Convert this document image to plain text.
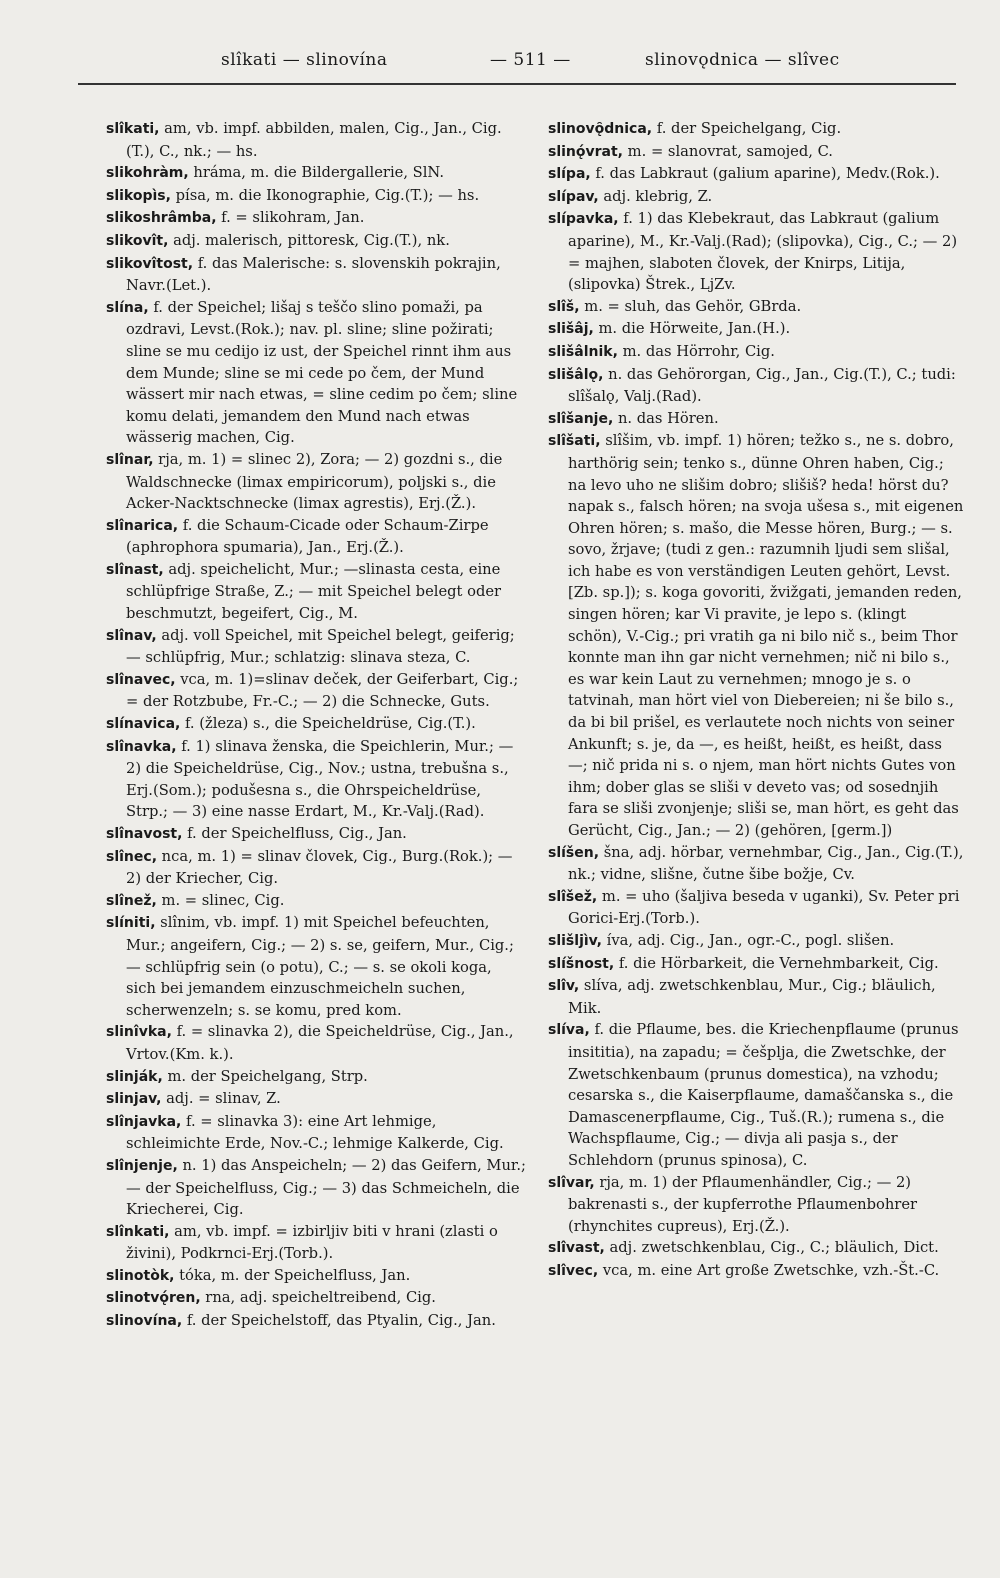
slîkati — slinovína	— 511 —	slinovǫdnica — slîvec

slîkati, am, vb. impf. abbilden, malen, Cig., Jan., Cig.(T.), C., nk.; — hs.

slikohràm, hráma, m. die Bildergallerie, SlN.

slikopìs, písa, m. die Ikonographie, Cig.(T.); — hs.

slikoshrâmba, f. = slikohram, Jan.

slikovît, adj. malerisch, pittoresk, Cig.(T.), nk.

slikovîtost, f. das Malerische: s. slovenskih pokrajin, Navr.(Let.).

slína, f. der Speichel; lišaj s teščo slino pomaži, pa ozdravi, Levst.(Rok.); nav. pl. sline; sline požirati; sline se mu cedijo iz ust, der Speichel rinnt ihm aus dem Munde; sline se mi cede po čem, der Mund wässert mir nach etwas, = sline cedim po čem; sline komu delati, jemandem den Mund nach etwas wässerig machen, Cig.

slînar, rja, m. 1) = slinec 2), Zora; — 2) gozdni s., die Waldschnecke (limax empiricorum), poljski s., die Acker-Nacktschnecke (limax agrestis), Erj.(Ž.).

slînarica, f. die Schaum-Cicade oder Schaum-Zirpe (aphrophora spumaria), Jan., Erj.(Ž.).

slînast, adj. speichelicht, Mur.; —slinasta cesta, eine schlüpfrige Straße, Z.; — mit Speichel belegt oder beschmutzt, begeifert, Cig., M.

slînav, adj. voll Speichel, mit Speichel belegt, geiferig; — schlüpfrig, Mur.; schlatzig: slinava steza, C.

slînavec, vca, m. 1)=slinav deček, der Geiferbart, Cig.; = der Rotzbube, Fr.-C.; — 2) die Schnecke, Guts.

slínavica, f. (žleza) s., die Speicheldrüse, Cig.(T.).

slînavka, f. 1) slinava ženska, die Speichlerin, Mur.; — 2) die Speicheldrüse, Cig., Nov.; ustna, trebušna s., Erj.(Som.); podušesna s., die Ohrspeicheldrüse, Strp.; — 3) eine nasse Erdart, M., Kr.-Valj.(Rad).

slînavost, f. der Speichelfluss, Cig., Jan.

slînec, nca, m. 1) = slinav človek, Cig., Burg.(Rok.); — 2) der Kriecher, Cig.

slînež, m. = slinec, Cig.

slíniti, slînim, vb. impf. 1) mit Speichel befeuchten, Mur.; angeifern, Cig.; — 2) s. se, geifern, Mur., Cig.; — schlüpfrig sein (o potu), C.; — s. se okoli koga, sich bei jemandem einzuschmeicheln suchen, scherwenzeln; s. se komu, pred kom.

slinîvka, f. = slinavka 2), die Speicheldrüse, Cig., Jan., Vrtov.(Km. k.).

slinják, m. der Speichelgang, Strp.

slinjav, adj. = slinav, Z.

slînjavka, f. = slinavka 3): eine Art lehmige, schleimichte Erde, Nov.-C.; lehmige Kalkerde, Cig.

slînjenje, n. 1) das Anspeicheln; — 2) das Geifern, Mur.; — der Speichelfluss, Cig.; — 3) das Schmeicheln, die Kriecherei, Cig.

slînkati, am, vb. impf. = izbirljiv biti v hrani (zlasti o živini), Podkrnci-Erj.(Torb.).

slinotòk, tóka, m. der Speichelfluss, Jan.

slinotvǫ́ren, rna, adj. speicheltreibend, Cig.

slinovína, f. der Speichelstoff, das Ptyalin, Cig., Jan.

slinovǫ̑dnica, f. der Speichelgang, Cig.

slinǫ́vrat, m. = slanovrat, samojed, C.

slípa, f. das Labkraut (galium aparine), Medv.(Rok.).

slípav, adj. klebrig, Z.

slípavka, f. 1) das Klebekraut, das Labkraut (galium aparine), M., Kr.-Valj.(Rad); (slipovka), Cig., C.; — 2) = majhen, slaboten človek, der Knirps, Litija, (slipovka) Štrek., LjZv.

slîš, m. = sluh, das Gehör, GBrda.

slišâj, m. die Hörweite, Jan.(H.).

slišâlnik, m. das Hörrohr, Cig.

slišâlǫ, n. das Gehörorgan, Cig., Jan., Cig.(T.), C.; tudi: slîšalǫ, Valj.(Rad).

slîšanje, n. das Hören.

slîšati, slîšim, vb. impf. 1) hören; težko s., ne s. dobro, harthörig sein; tenko s., dünne Ohren haben, Cig.; na levo uho ne slišim dobro; slišiš? heda! hörst du? napak s., falsch hören; na svoja ušesa s., mit eigenen Ohren hören; s. mašo, die Messe hören, Burg.; — s. sovo, žrjave; (tudi z gen.: razumnih ljudi sem slišal, ich habe es von verständigen Leuten gehört, Levst.[Zb. sp.]); s. koga govoriti, žvižgati, jemanden reden, singen hören; kar Vi pravite, je lepo s. (klingt schön), V.-Cig.; pri vratih ga ni bilo nič s., beim Thor konnte man ihn gar nicht vernehmen; nič ni bilo s., es war kein Laut zu vernehmen; mnogo je s. o tatvinah, man hört viel von Diebereien; ni še bilo s., da bi bil prišel, es verlautete noch nichts von seiner Ankunft; s. je, da —, es heißt, heißt, es heißt, dass —; nič prida ni s. o njem, man hört nichts Gutes von ihm; dober glas se sliši v deveto vas; od sosednjih fara se sliši zvonjenje; sliši se, man hört, es geht das Gerücht, Cig., Jan.; — 2) (gehören, [germ.])

slíšen, šna, adj. hörbar, vernehmbar, Cig., Jan., Cig.(T.), nk.; vidne, slišne, čutne šibe božje, Cv.

slîšež, m. = uho (šaljiva beseda v uganki), Sv. Peter pri Gorici-Erj.(Torb.).

slišljìv, íva, adj. Cig., Jan., ogr.-C., pogl. slišen.

slíšnost, f. die Hörbarkeit, die Vernehmbarkeit, Cig.

slîv, slíva, adj. zwetschkenblau, Mur., Cig.; bläulich, Mik.

slíva, f. die Pflaume, bes. die Kriechenpflaume (prunus insititia), na zapadu; = češplja, die Zwetschke, der Zwetschkenbaum (prunus domestica), na vzhodu; cesarska s., die Kaiserpflaume, damaščanska s., die Damascenerpflaume, Cig., Tuš.(R.); rumena s., die Wachspflaume, Cig.; — divja ali pasja s., der Schlehdorn (prunus spinosa), C.

slîvar, rja, m. 1) der Pflaumenhändler, Cig.; — 2) bakrenasti s., der kupferrothe Pflaumenbohrer (rhynchites cupreus), Erj.(Ž.).

slîvast, adj. zwetschkenblau, Cig., C.; bläulich, Dict.

slîvec, vca, m. eine Art große Zwetschke, vzh.-Št.-C.
